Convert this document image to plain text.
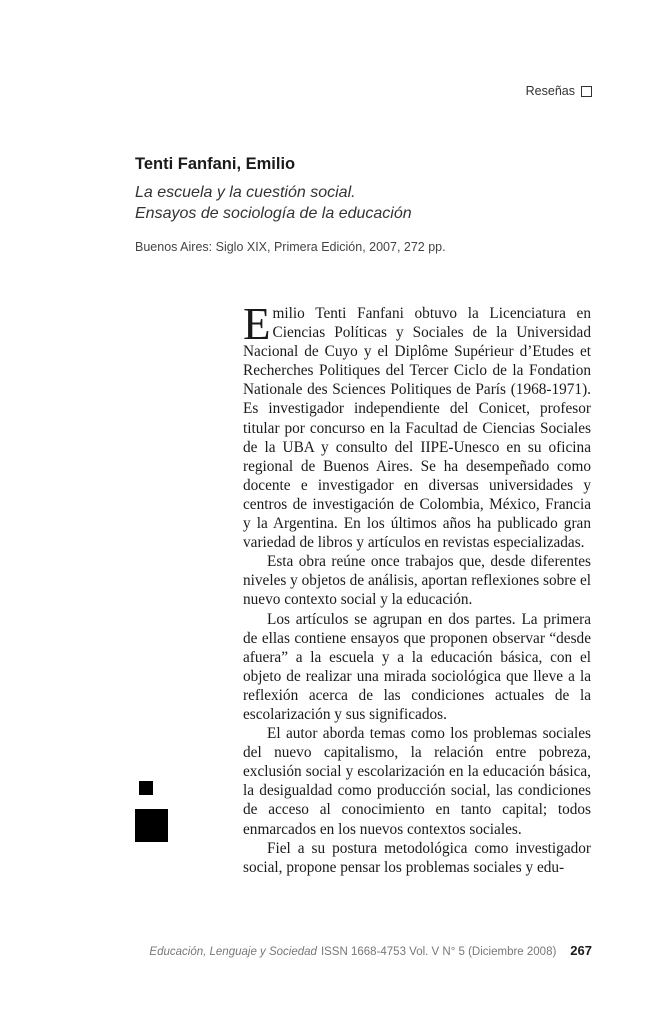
Reseñas
Tenti Fanfani, Emilio
La escuela y la cuestión social.
Ensayos de sociología de la educación
Buenos Aires: Siglo XIX, Primera Edición, 2007, 272 pp.

Emilio Tenti Fanfani obtuvo la Licenciatura en Ciencias Políticas y Sociales de la Universidad Nacional de Cuyo y el Diplôme Supérieur d’Etudes et Recherches Politiques del Tercer Ciclo de la Fondation Nationale des Sciences Politiques de París (1968-1971). Es investigador independiente del Conicet, profesor titular por concurso en la Facultad de Ciencias Sociales de la UBA y consulto del IIPE-Unesco en su oficina regional de Buenos Aires. Se ha desempeñado como docente e investigador en diversas universidades y centros de investigación de Colombia, México, Francia y la Argentina. En los últimos años ha publicado gran variedad de libros y artículos en revistas especializadas.

Esta obra reúne once trabajos que, desde diferentes niveles y objetos de análisis, aportan reflexiones sobre el nuevo contexto social y la educación.

Los artículos se agrupan en dos partes. La primera de ellas contiene ensayos que proponen observar “desde afuera” a la escuela y a la educación básica, con el objeto de realizar una mirada sociológica que lleve a la reflexión acerca de las condiciones actuales de la escolarización y sus significados.

El autor aborda temas como los problemas sociales del nuevo capitalismo, la relación entre pobreza, exclusión social y escolarización en la educación básica, la desigualdad como producción social, las condiciones de acceso al conocimiento en tanto capital; todos enmarcados en los nuevos contextos sociales.

Fiel a su postura metodológica como investigador social, propone pensar los problemas sociales y edu-

Educación, Lenguaje y Sociedad ISSN 1668-4753 Vol. V N° 5 (Diciembre 2008) 267
